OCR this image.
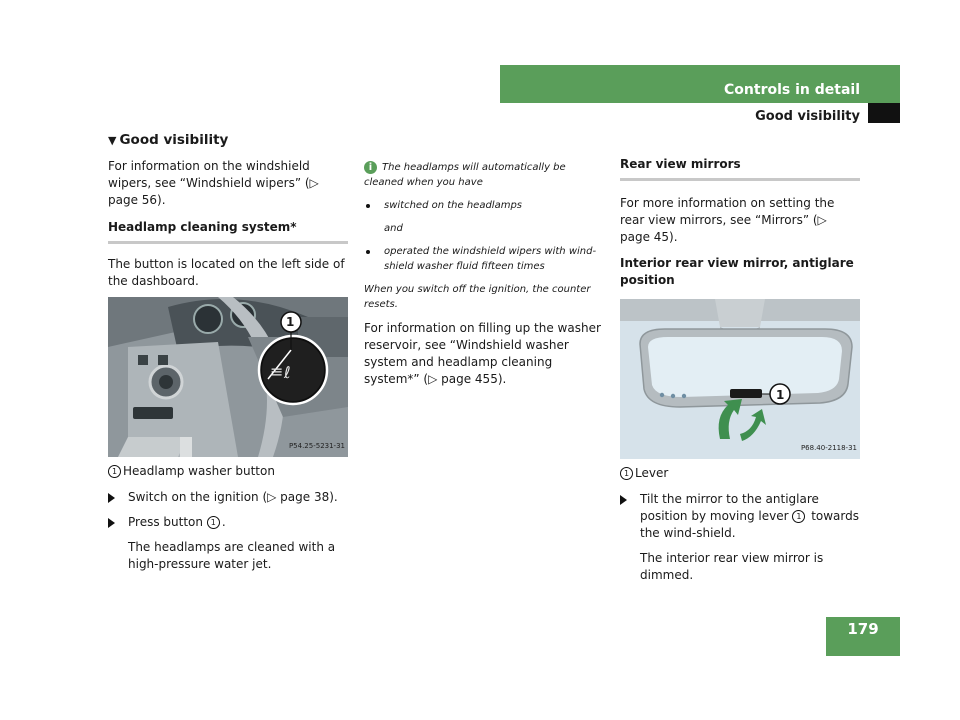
Controls in detail
Good visibility
▼ Good visibility

For information on the windshield wipers, see “Windshield wipers” (▷ page 56).

Headlamp cleaning system*

The button is located on the left side of the dashboard.

≡ ℓ
1
P54.25-5231-31

1 Headlamp washer button

Switch on the ignition (▷ page 38).
Press button 1 .

The headlamps are cleaned with a high-pressure water jet.

i The headlamps will automatically be cleaned when you have

switched on the headlamps

and

operated the windshield wipers with wind-shield washer fluid fifteen times

When you switch off the ignition, the counter resets.

For information on filling up the washer reservoir, see “Windshield washer system and headlamp cleaning system*” (▷ page 455).

Rear view mirrors

For more information on setting the rear view mirrors, see “Mirrors” (▷ page 45).

Interior rear view mirror, antiglare position
1
P68.40-2118-31

1 Lever

Tilt the mirror to the antiglare position by moving lever 1 towards the wind-shield.

The interior rear view mirror is dimmed.

179
